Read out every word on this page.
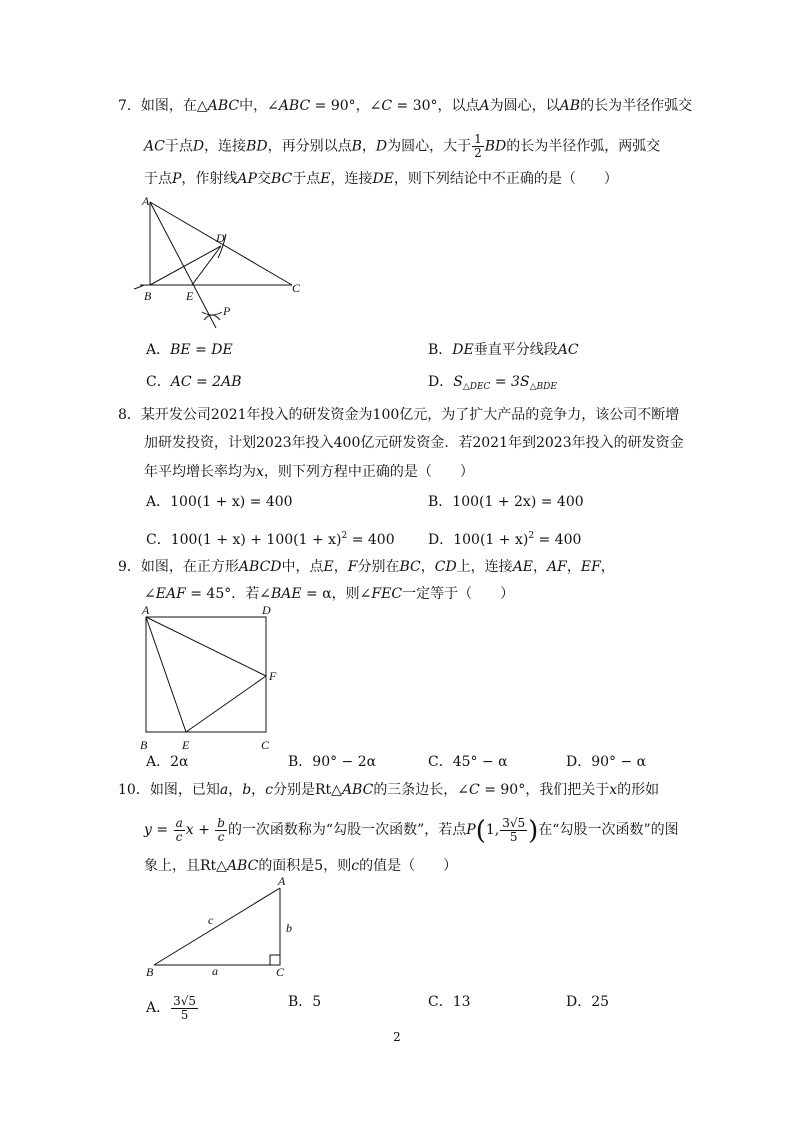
7．如图，在△ABC中，∠ABC = 90°，∠C = 30°，以点A为圆心，以AB的长为半径作弧交
AC于点D，连接BD，再分别以点B，D为圆心，大于 $\frac{1}{2}$ BD的长为半径作弧，两弧交
于点P，作射线AP交BC于点E，连接DE，则下列结论中不正确的是（　　）
A
B
C
D
E
P
A．BE = DE	B．DE垂直平分线段AC
C．AC = 2AB	D．$S_{\triangle DEC} = 3S_{\triangle BDE}$
8．某开发公司2021年投入的研发资金为100亿元，为了扩大产品的竞争力，该公司不断增
加研发投资，计划2023年投入400亿元研发资金．若2021年到2023年投入的研发资金
年平均增长率均为x，则下列方程中正确的是（　　）
A．100(1 + x) = 400	B．100(1 + 2x) = 400
C．$100(1 + x) + 100(1 + x)^2 = 400$ D．$100(1 + x)^2 = 400$
9．如图，在正方形ABCD中，点E，F分别在BC，CD上，连接AE，AF，EF，
∠EAF = 45°．若∠BAE = α，则∠FEC一定等于（　　）
A	D
F
B	E	C
A．2α	B．90° − 2α	C．45° − α	D．90° − α
10．如图，已知a，b，c分别是Rt△ABC的三条边长，∠C = 90°，我们把关于x的形如
$y = \frac{a}{c}$ $x + \frac{b}{c}$ 的一次函数称为“勾股一次函数”，若点P(1, $\frac{3√5}{5}$ )在“勾股一次函数”的图
象上，且Rt△ABC的面积是5，则c的值是（　　）
A
B	C
a
b
c
A． $\frac{3√5}{5}$	B．5	C．13	D．25
2
